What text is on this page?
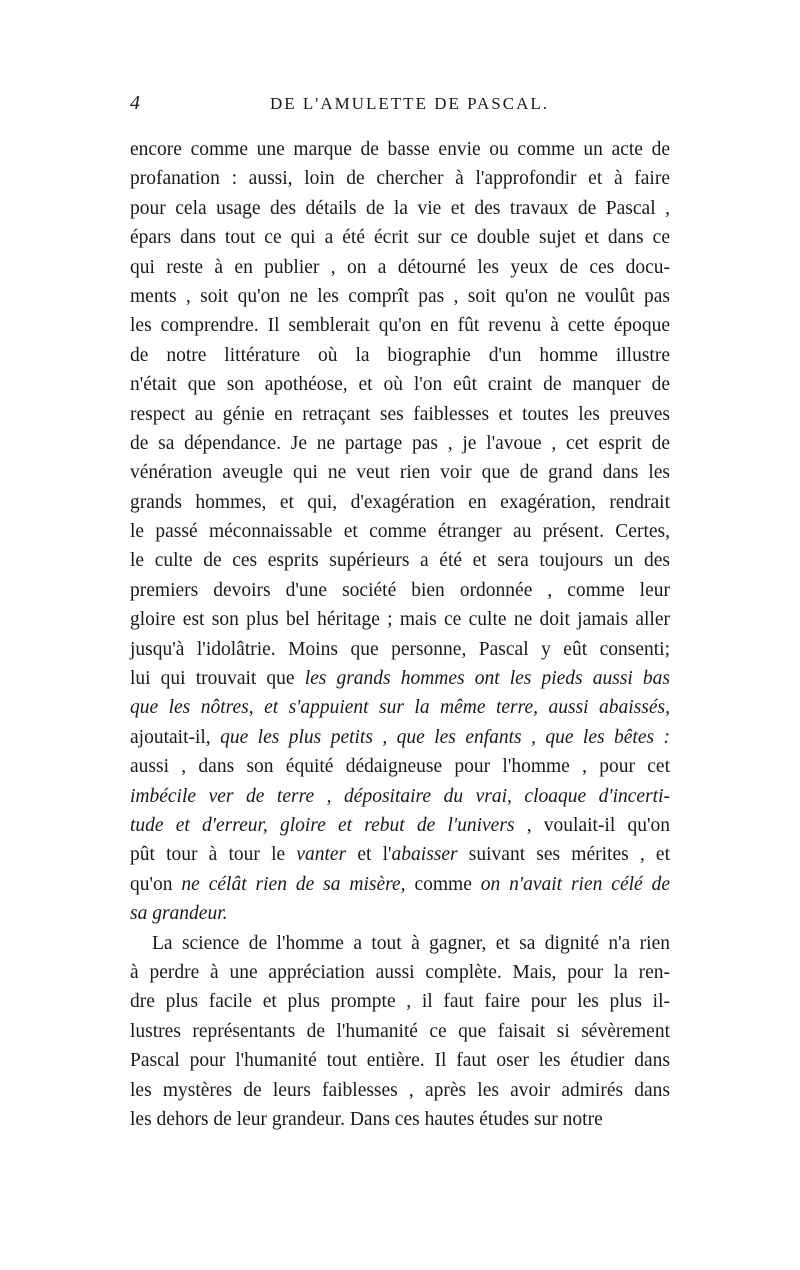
4	DE L'AMULETTE DE PASCAL.
encore comme une marque de basse envie ou comme un acte de
profanation : aussi, loin de chercher à l'approfondir et à faire
pour cela usage des détails de la vie et des travaux de Pascal ,
épars dans tout ce qui a été écrit sur ce double sujet et dans ce
qui reste à en publier , on a détourné les yeux de ces docu-
ments , soit qu'on ne les comprît pas , soit qu'on ne voulût pas
les comprendre. Il semblerait qu'on en fût revenu à cette époque
de notre littérature où la biographie d'un homme illustre
n'était que son apothéose, et où l'on eût craint de manquer de
respect au génie en retraçant ses faiblesses et toutes les preuves
de sa dépendance. Je ne partage pas , je l'avoue , cet esprit de
vénération aveugle qui ne veut rien voir que de grand dans les
grands hommes, et qui, d'exagération en exagération, rendrait
le passé méconnaissable et comme étranger au présent. Certes,
le culte de ces esprits supérieurs a été et sera toujours un des
premiers devoirs d'une société bien ordonnée , comme leur
gloire est son plus bel héritage ; mais ce culte ne doit jamais aller
jusqu'à l'idolâtrie. Moins que personne, Pascal y eût consenti;
lui qui trouvait que les grands hommes ont les pieds aussi bas
que les nôtres, et s'appuient sur la même terre, aussi abaissés,
ajoutait-il, que les plus petits , que les enfants , que les bêtes :
aussi , dans son équité dédaigneuse pour l'homme , pour cet
imbécile ver de terre , dépositaire du vrai, cloaque d'incerti-
tude et d'erreur, gloire et rebut de l'univers , voulait-il qu'on
pût tour à tour le vanter et l'abaisser suivant ses mérites , et
qu'on ne célât rien de sa misère, comme on n'avait rien célé de
sa grandeur.
La science de l'homme a tout à gagner, et sa dignité n'a rien
à perdre à une appréciation aussi complète. Mais, pour la ren-
dre plus facile et plus prompte , il faut faire pour les plus il-
lustres représentants de l'humanité ce que faisait si sévèrement
Pascal pour l'humanité tout entière. Il faut oser les étudier dans
les mystères de leurs faiblesses , après les avoir admirés dans
les dehors de leur grandeur. Dans ces hautes études sur notre
